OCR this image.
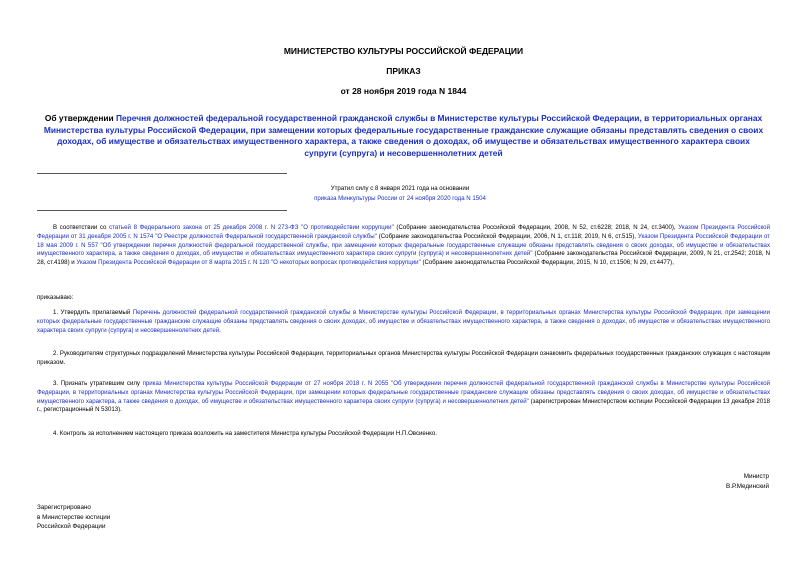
МИНИСТЕРСТВО КУЛЬТУРЫ РОССИЙСКОЙ ФЕДЕРАЦИИ
ПРИКАЗ
от 28 ноября 2019 года N 1844
Об утверждении Перечня должностей федеральной государственной гражданской службы в Министерстве культуры Российской Федерации, в территориальных органах Министерства культуры Российской Федерации, при замещении которых федеральные государственные гражданские служащие обязаны представлять сведения о своих доходах, об имуществе и обязательствах имущественного характера, а также сведения о доходах, об имуществе и обязательствах имущественного характера своих супруги (супруга) и несовершеннолетних детей
Утратил силу с 8 января 2021 года на основании
приказа Минкультуры России от 24 ноября 2020 года N 1504
В соответствии со статьей 8 Федерального закона от 25 декабря 2008 г. N 273-ФЗ "О противодействии коррупции" (Собрание законодательства Российской Федерации, 2008, N 52, ст.6228; 2018, N 24, ст.3400), Указом Президента Российской Федерации от 31 декабря 2005 г. N 1574 "О Реестре должностей Федеральной государственной гражданской службы" (Собрание законодательства Российской Федерации, 2006, N 1, ст.118; 2019, N 6, ст.515), Указом Президента Российской Федерации от 18 мая 2009 г. N 557 "Об утверждении перечня должностей федеральной государственной службы, при замещении которых федеральные государственные служащие обязаны представлять сведения о своих доходах, об имуществе и обязательствах имущественного характера, а также сведения о доходах, об имуществе и обязательствах имущественного характера своих супруги (супруга) и несовершеннолетних детей" (Собрание законодательства Российской Федерации, 2009, N 21, ст.2542; 2018, N 28, ст.4198) и Указом Президента Российской Федерации от 8 марта 2015 г. N 120 "О некоторых вопросах противодействия коррупции" (Собрание законодательства Российской Федерации, 2015, N 10, ст.1506; N 29, ст.4477),
приказываю:
1. Утвердить прилагаемый Перечень должностей федеральной государственной гражданской службы в Министерстве культуры Российской Федерации, в территориальных органах Министерства культуры Российской Федерации, при замещении которых федеральные государственные гражданские служащие обязаны представлять сведения о своих доходах, об имуществе и обязательствах имущественного характера, а также сведения о доходах, об имуществе и обязательствах имущественного характера своих супруги (супруга) и несовершеннолетних детей.
2. Руководителям структурных подразделений Министерства культуры Российской Федерации, территориальных органов Министерства культуры Российской Федерации ознакомить федеральных государственных гражданских служащих с настоящим приказом.
3. Признать утратившим силу приказ Министерства культуры Российской Федерации от 27 ноября 2018 г. N 2055 "Об утверждении перечня должностей федеральной государственной гражданской службы в Министерстве культуры Российской Федерации, в территориальных органах Министерства культуры Российской Федерации, при замещении которых федеральные государственные гражданские служащие обязаны представлять сведения о своих доходах, об имуществе и обязательствах имущественного характера, а также сведения о доходах, об имуществе и обязательствах имущественного характера своих супруги (супруга) и несовершеннолетних детей" (зарегистрирован Министерством юстиции Российской Федерации 13 декабря 2018 г., регистрационный N 53013).
4. Контроль за исполнением настоящего приказа возложить на заместителя Министра культуры Российской Федерации Н.П.Овсиенко.
Министр
В.Р.Мединский
Зарегистрировано
в Министерстве юстиции
Российской Федерации
